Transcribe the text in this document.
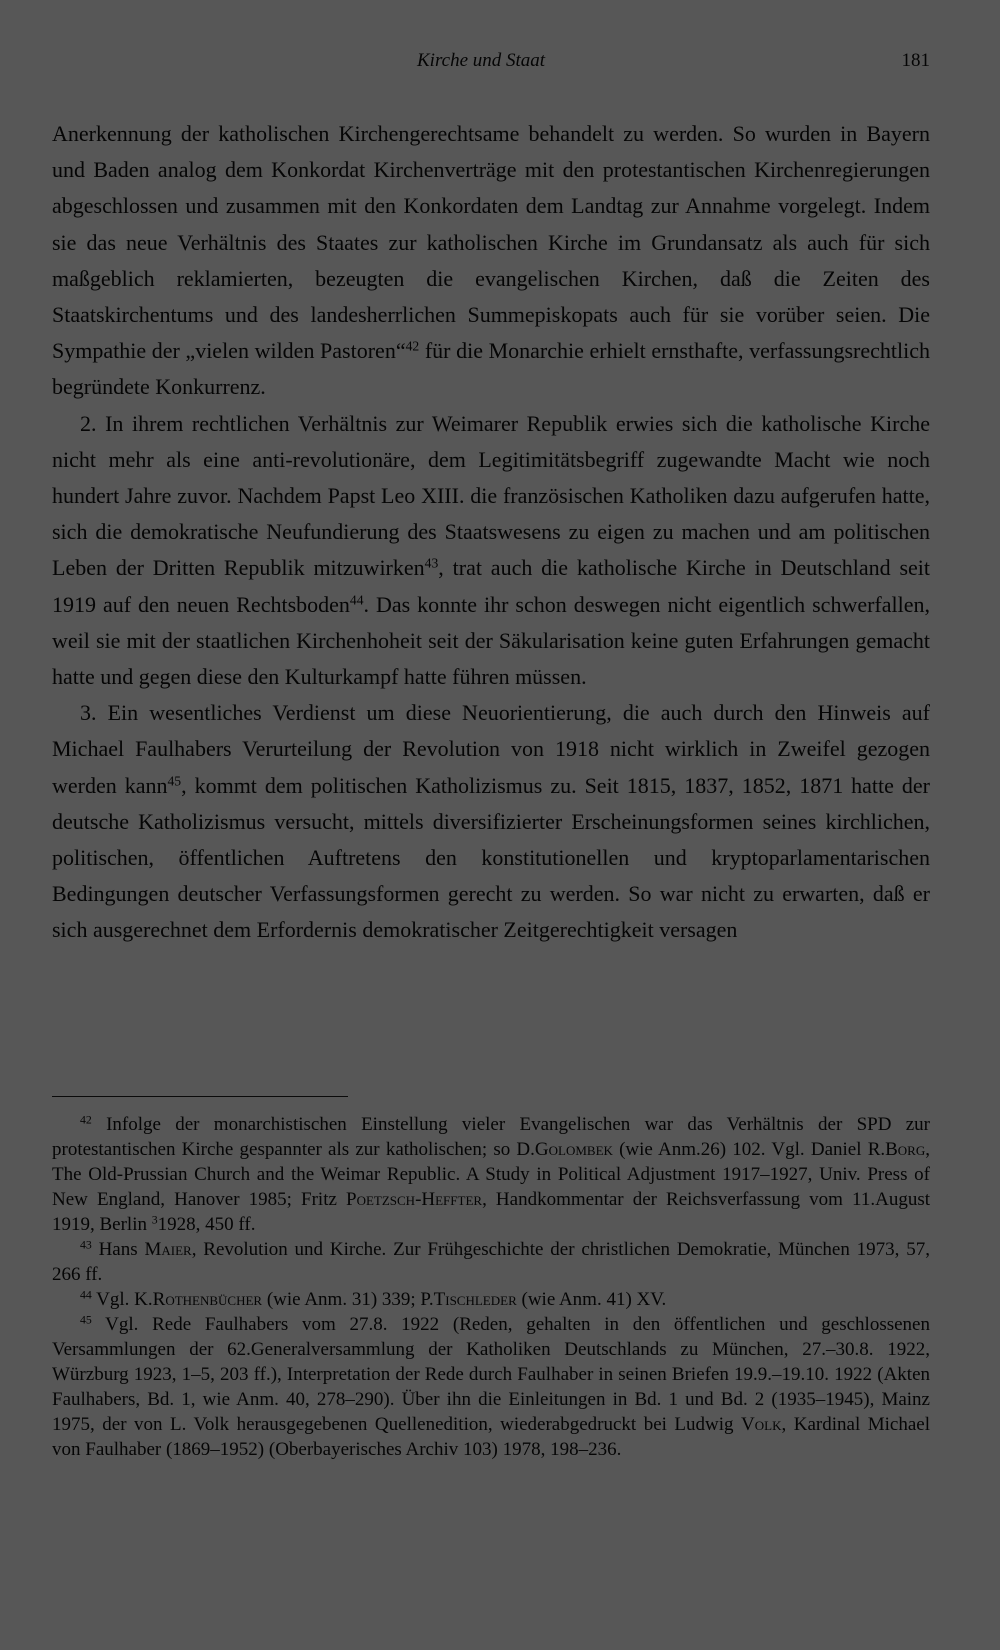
Kirche und Staat	181

Anerkennung der katholischen Kirchengerechtsame behandelt zu werden. So wurden in Bayern und Baden analog dem Konkordat Kirchenverträge mit den protestantischen Kirchenregierungen abgeschlossen und zusammen mit den Konkordaten dem Landtag zur Annahme vorgelegt. Indem sie das neue Verhältnis des Staates zur katholischen Kirche im Grundansatz als auch für sich maßgeblich reklamierten, bezeugten die evangelischen Kirchen, daß die Zeiten des Staatskirchentums und des landesherrlichen Summepiskopats auch für sie vorüber seien. Die Sympathie der „vielen wilden Pastoren“$^{42}$ für die Monarchie erhielt ernsthafte, verfassungsrechtlich begründete Konkurrenz.

2. In ihrem rechtlichen Verhältnis zur Weimarer Republik erwies sich die katholische Kirche nicht mehr als eine anti-revolutionäre, dem Legitimitätsbegriff zugewandte Macht wie noch hundert Jahre zuvor. Nachdem Papst Leo XIII. die französischen Katholiken dazu aufgerufen hatte, sich die demokratische Neufundierung des Staatswesens zu eigen zu machen und am politischen Leben der Dritten Republik mitzuwirken$^{43}$, trat auch die katholische Kirche in Deutschland seit 1919 auf den neuen Rechtsboden$^{44}$. Das konnte ihr schon deswegen nicht eigentlich schwerfallen, weil sie mit der staatlichen Kirchenhoheit seit der Säkularisation keine guten Erfahrungen gemacht hatte und gegen diese den Kulturkampf hatte führen müssen.

3. Ein wesentliches Verdienst um diese Neuorientierung, die auch durch den Hinweis auf Michael Faulhabers Verurteilung der Revolution von 1918 nicht wirklich in Zweifel gezogen werden kann$^{45}$, kommt dem politischen Katholizismus zu. Seit 1815, 1837, 1852, 1871 hatte der deutsche Katholizismus versucht, mittels diversifizierter Erscheinungsformen seines kirchlichen, politischen, öffentlichen Auftretens den konstitutionellen und kryptoparlamentarischen Bedingungen deutscher Verfassungsformen gerecht zu werden. So war nicht zu erwarten, daß er sich ausgerechnet dem Erfordernis demokratischer Zeitgerechtigkeit versagen

$^{42}$ Infolge der monarchistischen Einstellung vieler Evangelischen war das Verhältnis der SPD zur protestantischen Kirche gespannter als zur katholischen; so D.Golombek (wie Anm.26) 102. Vgl. Daniel R.Borg, The Old-Prussian Church and the Weimar Republic. A Study in Political Adjustment 1917–1927, Univ. Press of New England, Hanover 1985; Fritz Poetzsch-Heffter, Handkommentar der Reichsverfassung vom 11.August 1919, Berlin $^3$1928, 450 ff.

$^{43}$ Hans Maier, Revolution und Kirche. Zur Frühgeschichte der christlichen Demokratie, München 1973, 57, 266 ff.

$^{44}$ Vgl. K.Rothenbücher (wie Anm. 31) 339; P.Tischleder (wie Anm. 41) XV.

$^{45}$ Vgl. Rede Faulhabers vom 27.8. 1922 (Reden, gehalten in den öffentlichen und geschlossenen Versammlungen der 62.Generalversammlung der Katholiken Deutschlands zu München, 27.–30.8. 1922, Würzburg 1923, 1–5, 203 ff.), Interpretation der Rede durch Faulhaber in seinen Briefen 19.9.–19.10. 1922 (Akten Faulhabers, Bd. 1, wie Anm. 40, 278–290). Über ihn die Einleitungen in Bd. 1 und Bd. 2 (1935–1945), Mainz 1975, der von L. Volk herausgegebenen Quellenedition, wiederabgedruckt bei Ludwig Volk, Kardinal Michael von Faulhaber (1869–1952) (Oberbayerisches Archiv 103) 1978, 198–236.
